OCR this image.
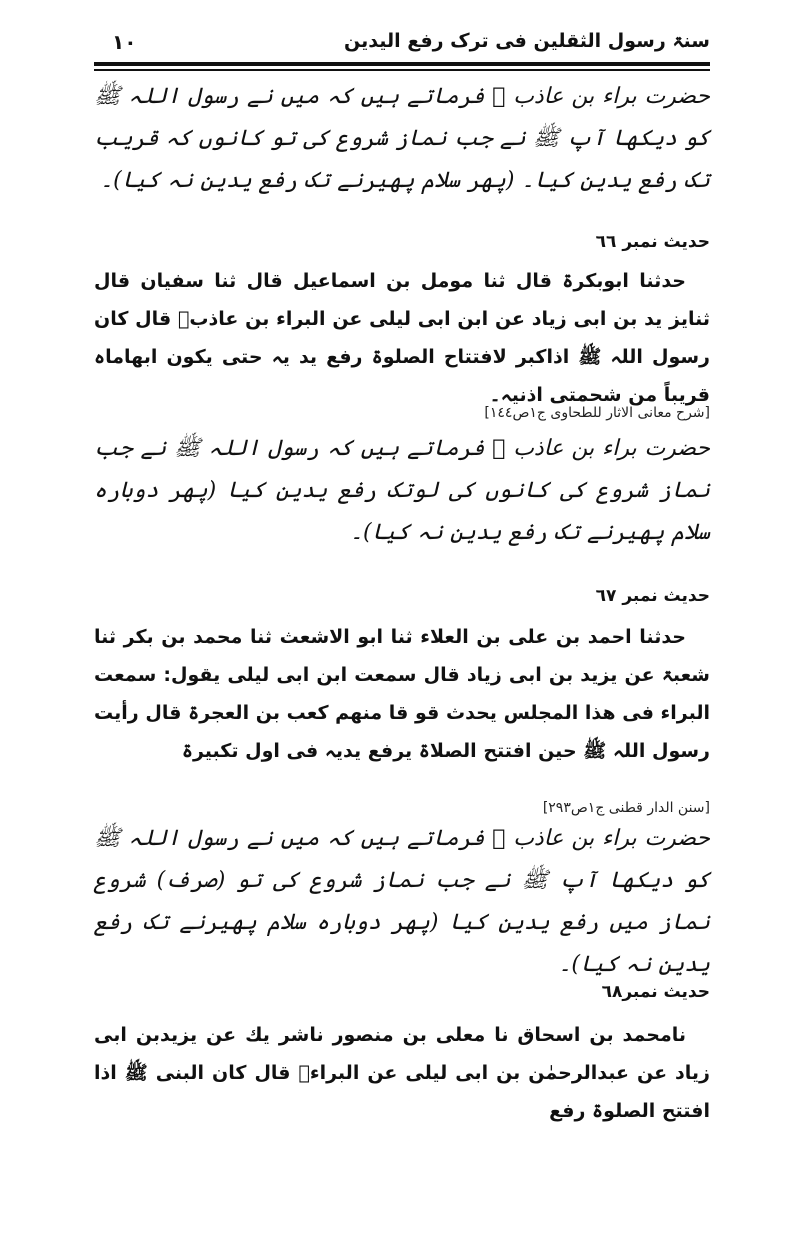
سنۃ رسول الثقلین فی ترک رفع الیدین
۱۰
حضرت براء بن عاذب ﷜ فرماتے ہیں کہ میں نے رسول اللہ ﷺ کو دیکھا آپ ﷺ نے جب نماز شروع کی تو کانوں کہ قریب تک رفع یدین کیا۔ (پھر سلام پھیرنے تک رفع یدین نہ کیا)۔
حدیث نمبر ٦٦
حدثنا ابوبکرۃ قال ثنا مومل بن اسماعیل قال ثنا سفیان قال ثنایز ید بن ابی زیاد عن ابن ابی لیلی عن البراء بن عاذب﷜ قال کان رسول اللہ ﷺ اذاکبر لافتتاح الصلوۃ رفع ید یہ حتی یکون ابھاماہ قریباً من شحمتی اذنیہ۔
[شرح معانی الاثار للطحاوی ج۱ص۱٤٤]
حضرت براء بن عاذب ﷜ فرماتے ہیں کہ رسول اللہ ﷺ نے جب نماز شروع کی کانوں کی لوتک رفع یدین کیا (پھر دوبارہ سلام پھیرنے تک رفع یدین نہ کیا)۔
حدیث نمبر ٦٧
حدثنا احمد بن علی بن العلاء ثنا ابو الاشعث ثنا محمد بن بکر ثنا شعبۃ عن یزید بن ابی زیاد قال سمعت ابن ابی لیلی یقول: سمعت البراء فی ھذا المجلس یحدث قو قا منھم کعب بن العجرۃ قال رأیت رسول اللہ ﷺ حین افتتح الصلاۃ یرفع یدیہ فی اول تکبیرۃ
[سنن الدار قطنی ج۱ص۲۹۳]
حضرت براء بن عاذب ﷜ فرماتے ہیں کہ میں نے رسول اللہ ﷺ کو دیکھا آپ ﷺ نے جب نماز شروع کی تو (صرف) شروع نماز میں رفع یدین کیا (پھر دوبارہ سلام پھیرنے تک رفع یدین نہ کیا)۔
حدیث نمبر٦٨
نامحمد بن اسحاق نا معلی بن منصور ناشر یك عن یزیدبن ابی زیاد عن عبدالرحمٰن بن ابی لیلی عن البراء﷜ قال کان البنی ﷺ اذا افتتح الصلوۃ رفع
